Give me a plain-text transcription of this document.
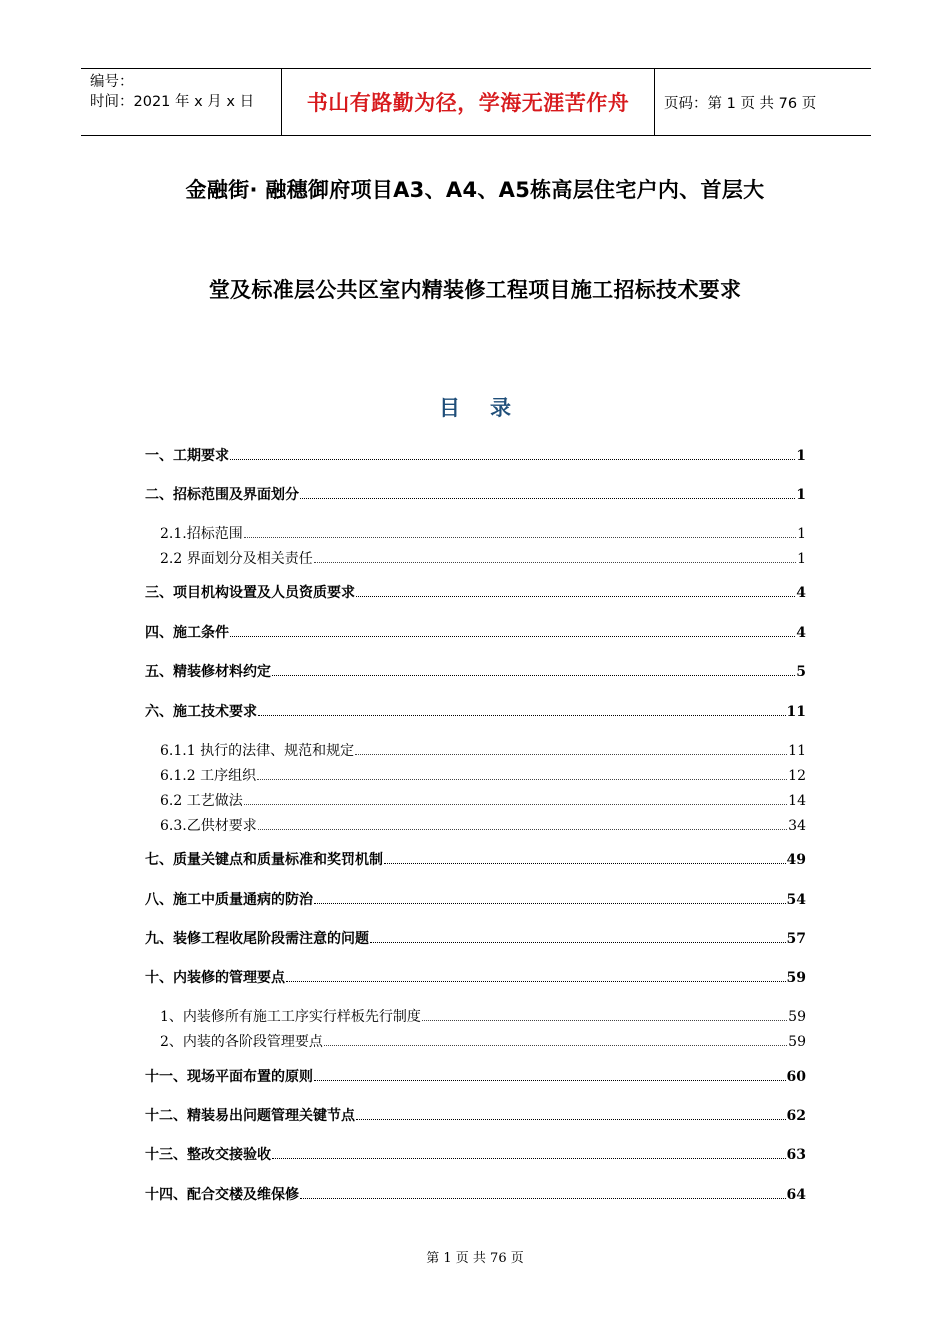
编号：
时间：2021 年 x 月 x 日	书山有路勤为径，学海无涯苦作舟	页码：第 1 页 共 76 页
金融街· 融穗御府项目A3、A4、A5栋高层住宅户内、首层大
堂及标准层公共区室内精装修工程项目施工招标技术要求
目录
一、工期要求	1
二、招标范围及界面划分	1
2.1.招标范围	1
2.2 界面划分及相关责任	1
三、项目机构设置及人员资质要求	4
四、施工条件	4
五、精装修材料约定	5
六、施工技术要求	11
6.1.1 执行的法律、规范和规定	11
6.1.2 工序组织	12
6.2 工艺做法	14
6.3.乙供材要求	34
七、质量关键点和质量标准和奖罚机制	49
八、施工中质量通病的防治	54
九、装修工程收尾阶段需注意的问题	57
十、内装修的管理要点	59
1、内装修所有施工工序实行样板先行制度	59
2、内装的各阶段管理要点	59
十一、现场平面布置的原则	60
十二、精装易出问题管理关键节点	62
十三、整改交接验收	63
十四、配合交楼及维保修	64
第 1 页 共 76 页
